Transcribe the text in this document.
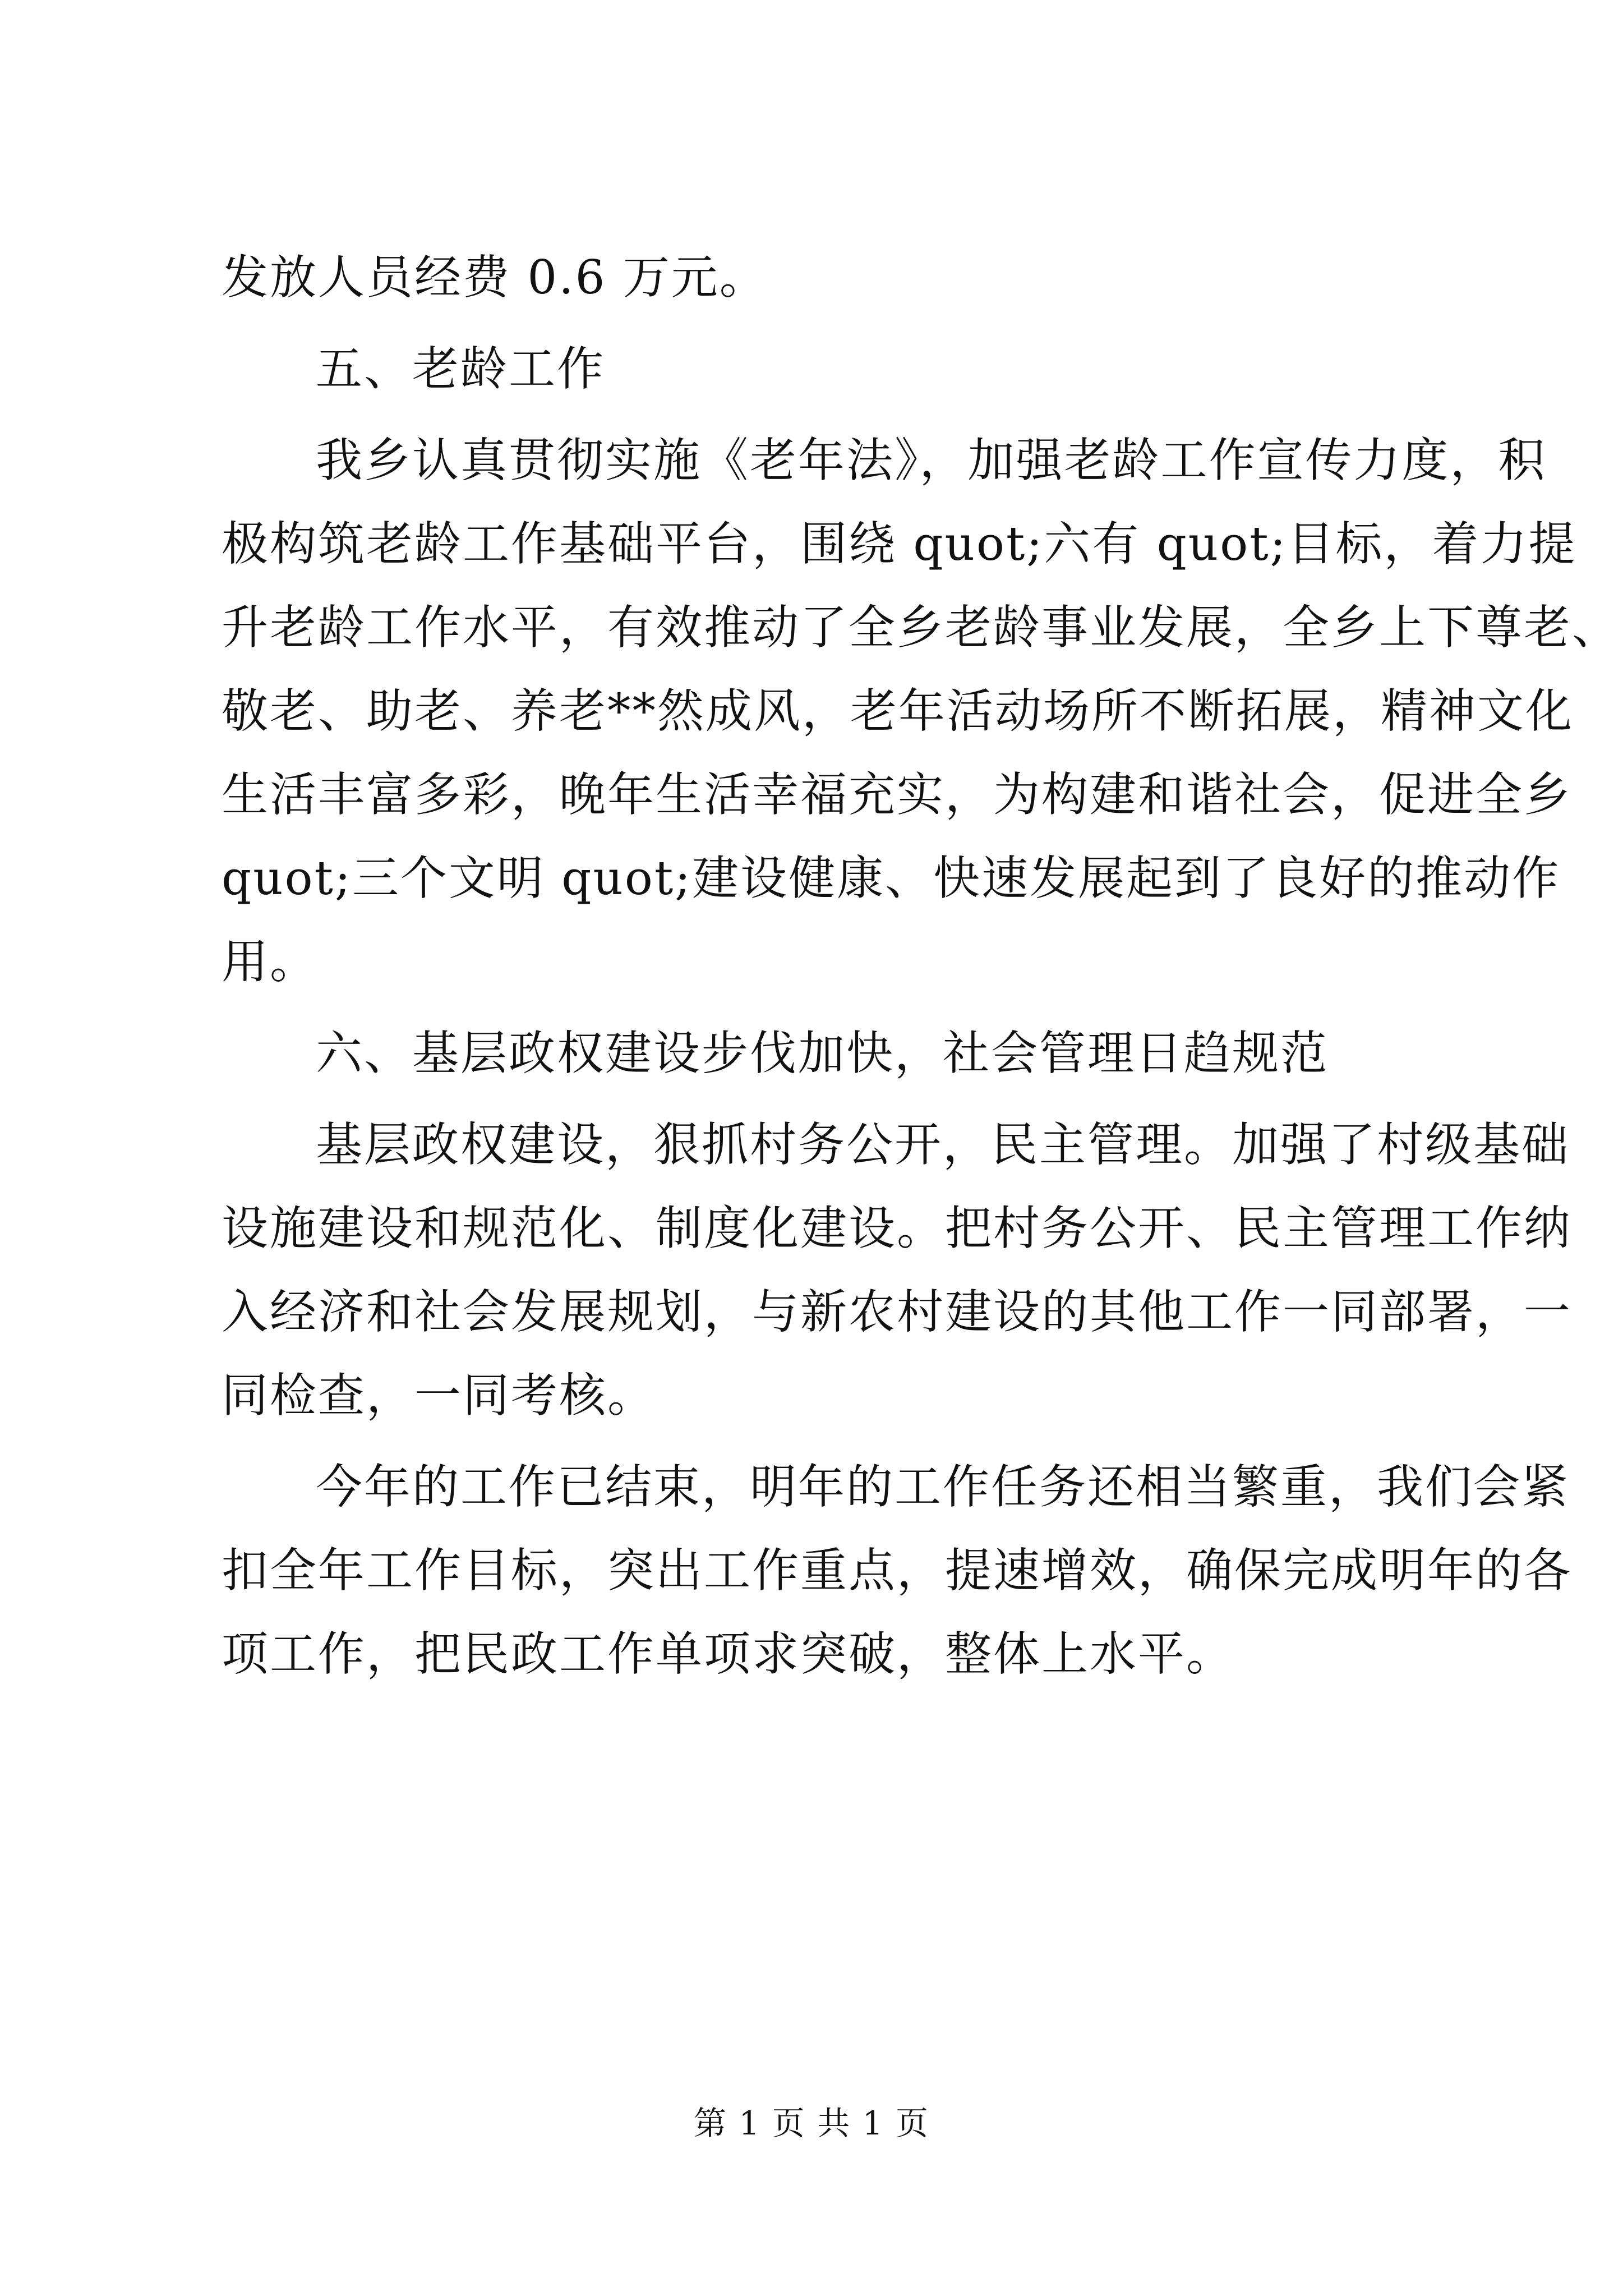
发放人员经费 0.6 万元。
五、老龄工作
我乡认真贯彻实施《老年法》，加强老龄工作宣传力度，积
极构筑老龄工作基础平台，围绕 quot;六有 quot;目标，着力提
升老龄工作水平，有效推动了全乡老龄事业发展，全乡上下尊老、
敬老、助老、养老**然成风，老年活动场所不断拓展，精神文化
生活丰富多彩，晚年生活幸福充实，为构建和谐社会，促进全乡
quot;三个文明 quot;建设健康、快速发展起到了良好的推动作
用。
六、基层政权建设步伐加快，社会管理日趋规范
基层政权建设，狠抓村务公开，民主管理。加强了村级基础
设施建设和规范化、制度化建设。把村务公开、民主管理工作纳
入经济和社会发展规划，与新农村建设的其他工作一同部署，一
同检查，一同考核。
今年的工作已结束，明年的工作任务还相当繁重，我们会紧
扣全年工作目标，突出工作重点，提速增效，确保完成明年的各
项工作，把民政工作单项求突破，整体上水平。
第 1 页 共 1 页
